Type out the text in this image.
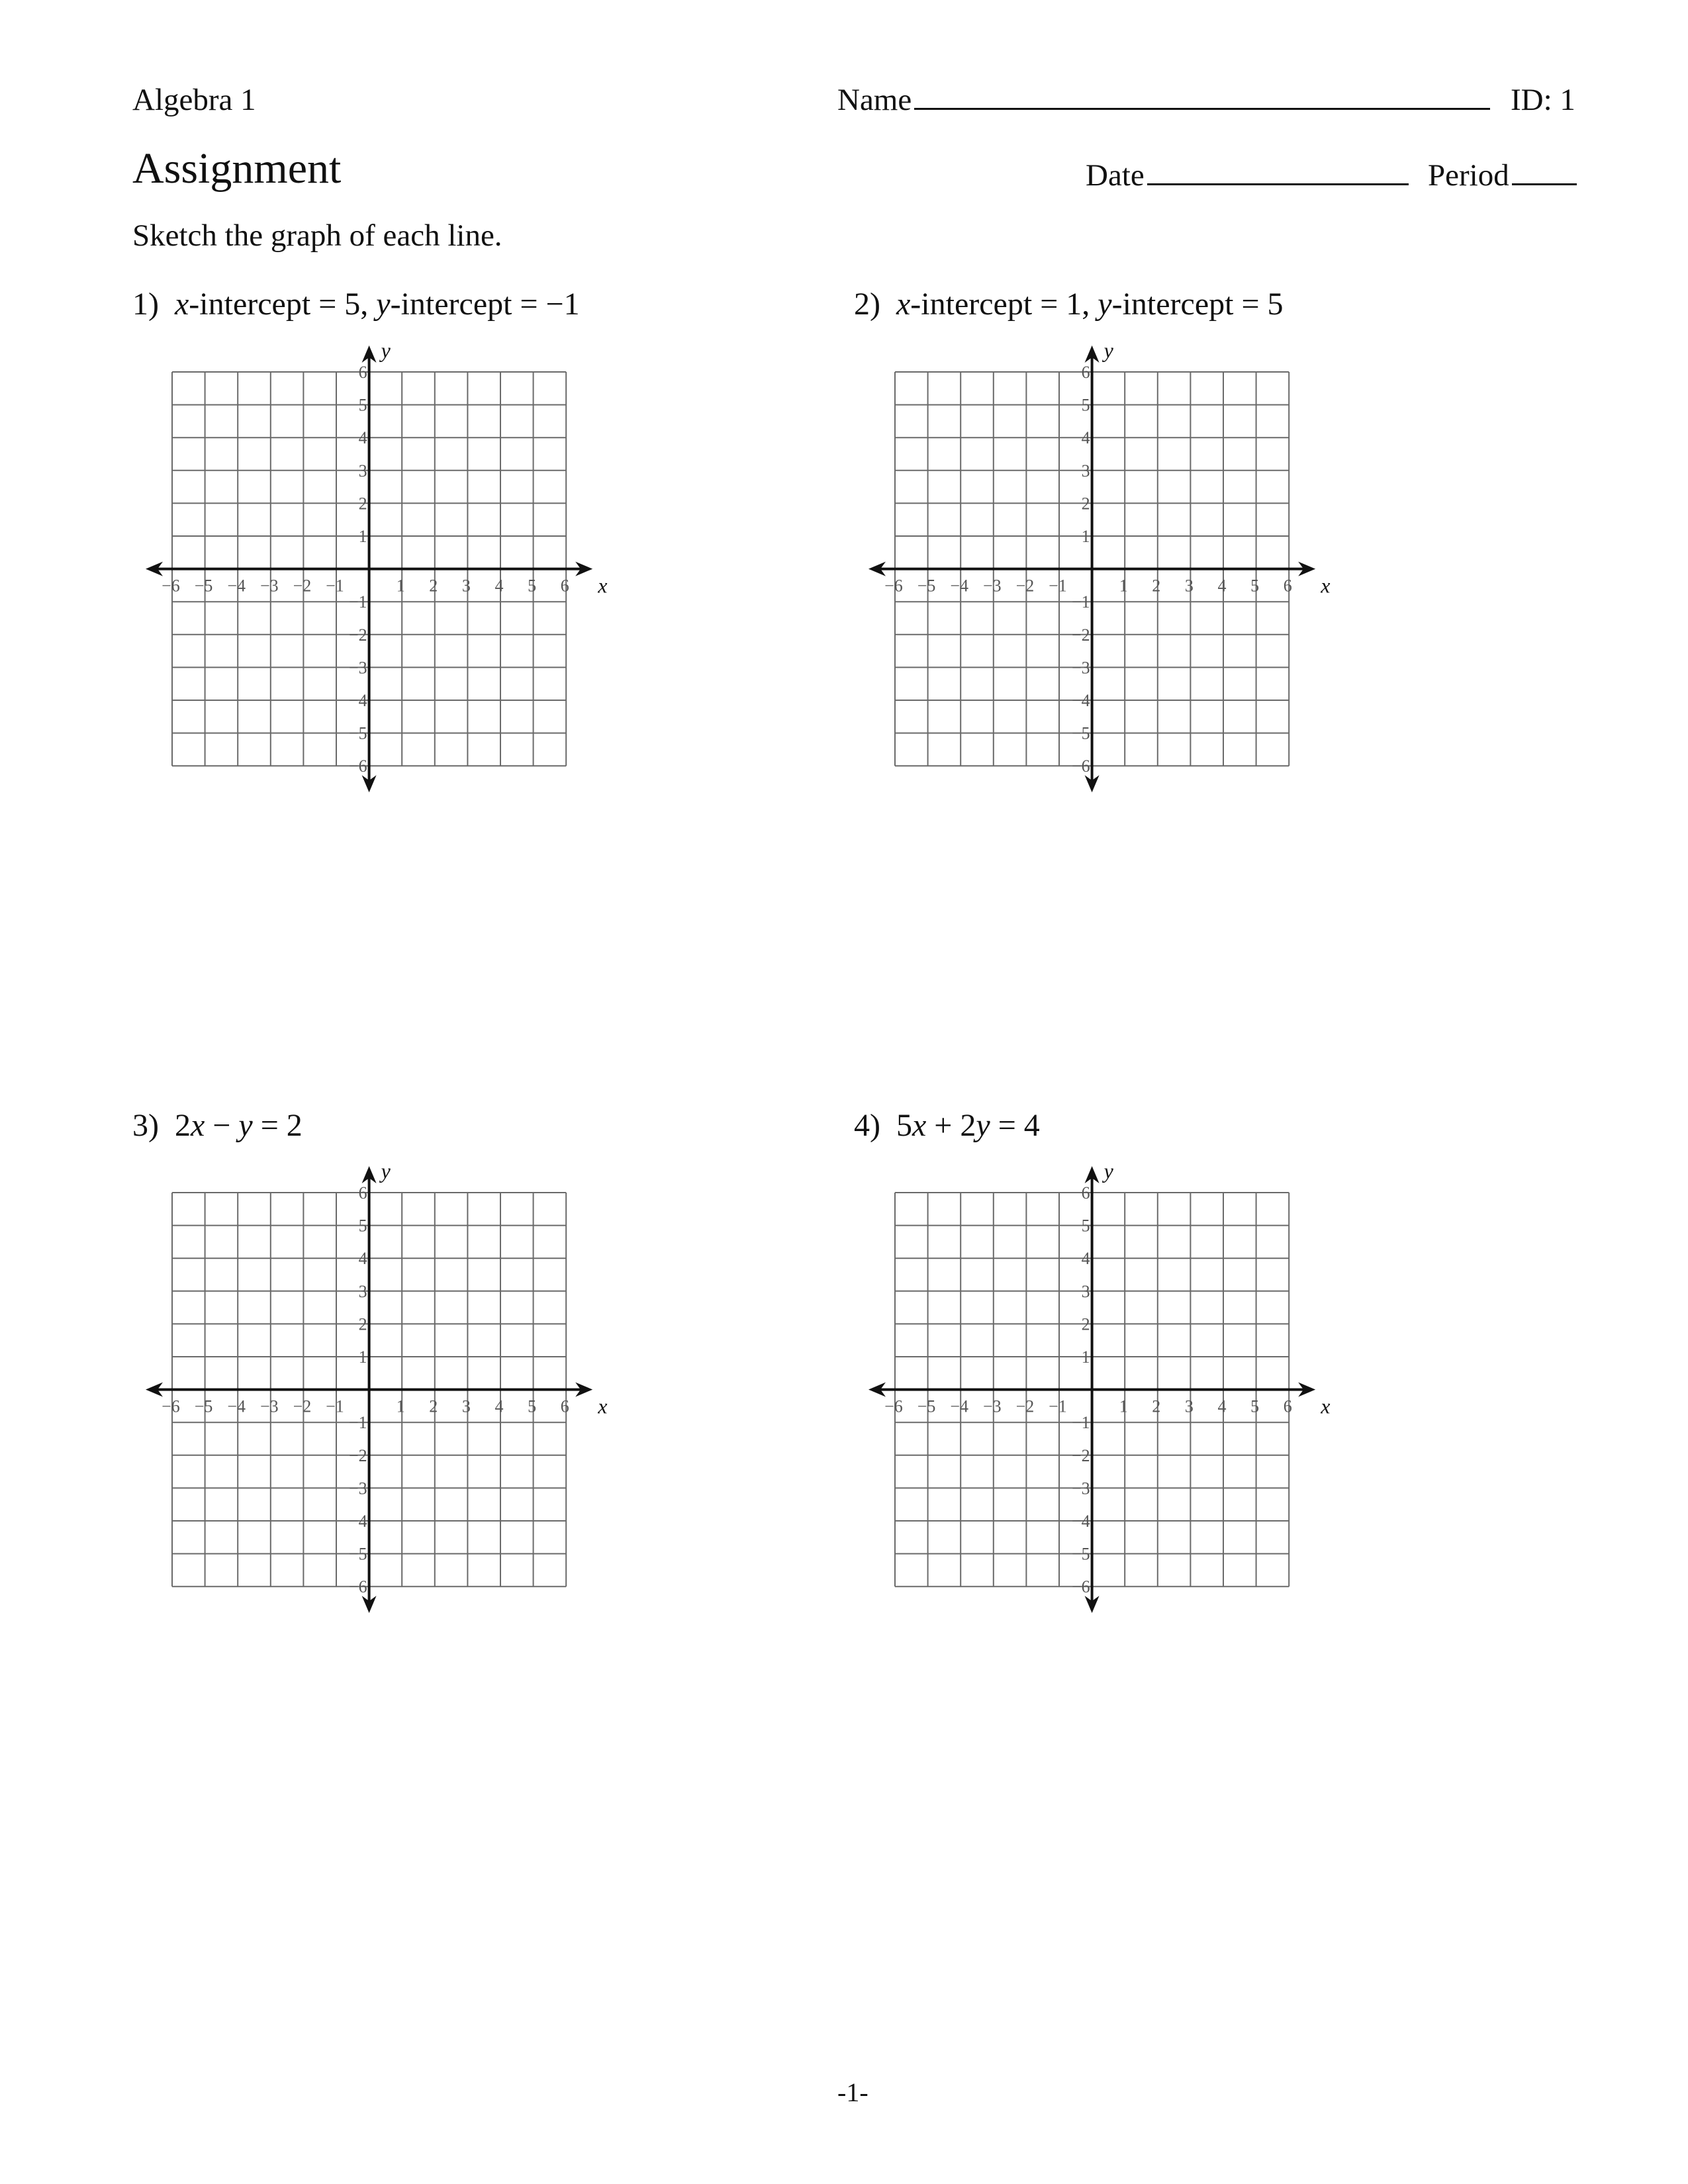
Algebra 1	Name	ID: 1
Assignment	Date	Period
Sketch the graph of each line.
1) x-intercept = 5, y-intercept = −1	2) x-intercept = 1, y-intercept = 5
3) 2x − y = 2	4) 5x + 2y = 4
−6 −5 −4 −3 −2 −1	1 2 3 4 5 6
6
5
4
3
2
1
−1
−2
−3
−4
−5
−6
x
y
−6 −5 −4 −3 −2 −1	1 2 3 4 5 6
6
5
4
3
2
1
−1
−2
−3
−4
−5
−6
x
y
−6 −5 −4 −3 −2 −1	1 2 3 4 5 6
6
5
4
3
2
1
−1
−2
−3
−4
−5
−6
x
y
−6 −5 −4 −3 −2 −1	1 2 3 4 5 6
6
5
4
3
2
1
−1
−2
−3
−4
−5
−6
x
y
-1-
